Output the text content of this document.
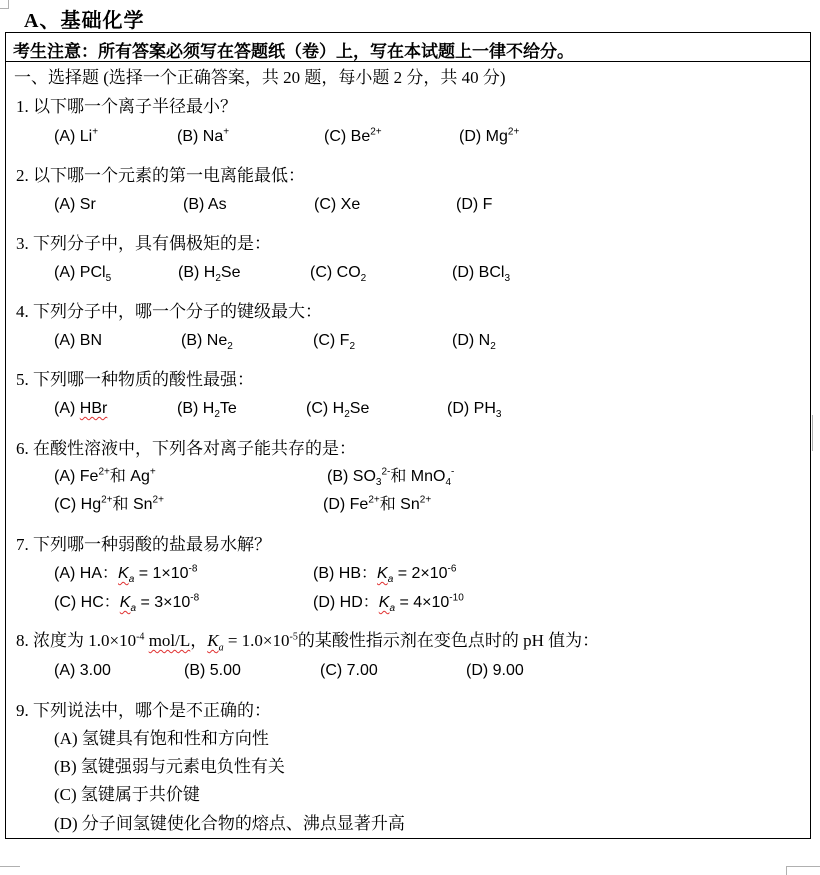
A、基础化学
考生注意：所有答案必须写在答题纸（卷）上，写在本试题上一律不给分。
一、选择题 (选择一个正确答案，共 20 题，每小题 2 分，共 40 分)
1. 以下哪一个离子半径最小？
(A) Li+	(B) Na+	(C) $Be^{2+}$	(D) $Mg^{2+}$
2. 以下哪一个元素的第一电离能最低：
(A) Sr	(B) As	(C) Xe	(D) F
3. 下列分子中，具有偶极矩的是：
(A) PCl$_5$	(B) $H_2Se$	(C) $CO_2$	(D) BCl$_3$
4. 下列分子中，哪一个分子的键级最大：
(A) BN	(B) $Ne_2$	(C) $F_2$	(D) $N_2$
5. 下列哪一种物质的酸性最强：
(A) HBr	(B) $H_2Te$	(C) $H_2Se$	(D) $PH_3$
6. 在酸性溶液中，下列各对离子能共存的是：
(A) $Fe^{2+}$和 Ag+	(B) $SO_3^{2-}$和 MnO$_4$-
(C) $Hg^{2+}$和 $Sn^{2+}$	(D) $Fe^{2+}$和 $Sn^{2+}$
7. 下列哪一种弱酸的盐最易水解？
(A) HA：$K_a = 1\times 10^{-8}$	(B) HB：$K_a = 2\times 10^{-6}$
(C) HC：$K_a = 3\times 10^{-8}$	(D) HD：$K_a = 4\times 10^{-10}$
8. 浓度为 $1.0\times 10^{-4}$ mol/L，$K_a = 1.0\times 10^{-5}$的某酸性指示剂在变色点时的 pH 值为：
(A) 3.00	(B) 5.00	(C) 7.00	(D) 9.00
9. 下列说法中，哪个是不正确的：
(A) 氢键具有饱和性和方向性
(B) 氢键强弱与元素电负性有关
(C) 氢键属于共价键
(D) 分子间氢键使化合物的熔点、沸点显著升高
